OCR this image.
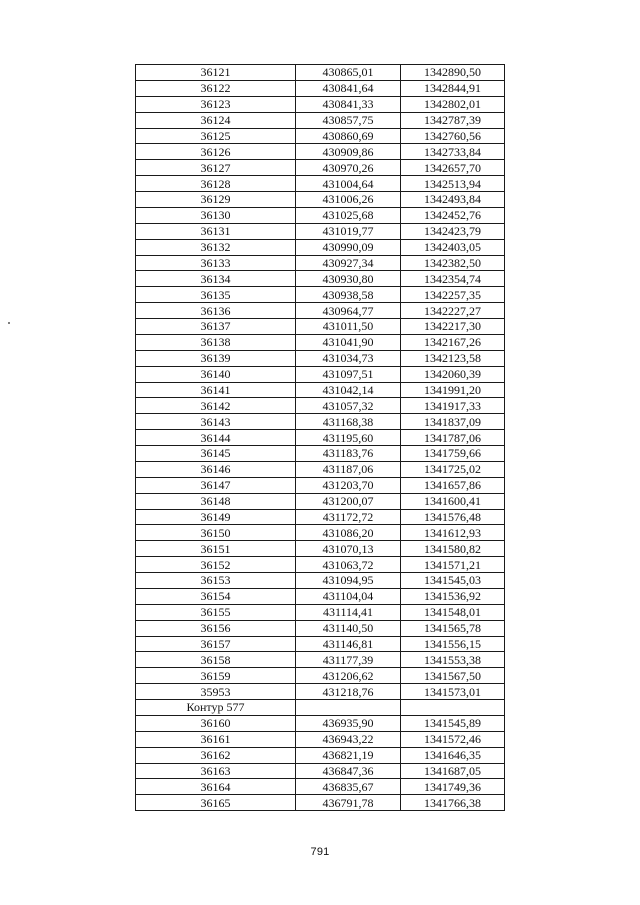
36121	430865,01	1342890,50
36122	430841,64	1342844,91
36123	430841,33	1342802,01
36124	430857,75	1342787,39
36125	430860,69	1342760,56
36126	430909,86	1342733,84
36127	430970,26	1342657,70
36128	431004,64	1342513,94
36129	431006,26	1342493,84
36130	431025,68	1342452,76
36131	431019,77	1342423,79
36132	430990,09	1342403,05
36133	430927,34	1342382,50
36134	430930,80	1342354,74
36135	430938,58	1342257,35
36136	430964,77	1342227,27
36137	431011,50	1342217,30
36138	431041,90	1342167,26
36139	431034,73	1342123,58
36140	431097,51	1342060,39
36141	431042,14	1341991,20
36142	431057,32	1341917,33
36143	431168,38	1341837,09
36144	431195,60	1341787,06
36145	431183,76	1341759,66
36146	431187,06	1341725,02
36147	431203,70	1341657,86
36148	431200,07	1341600,41
36149	431172,72	1341576,48
36150	431086,20	1341612,93
36151	431070,13	1341580,82
36152	431063,72	1341571,21
36153	431094,95	1341545,03
36154	431104,04	1341536,92
36155	431114,41	1341548,01
36156	431140,50	1341565,78
36157	431146,81	1341556,15
36158	431177,39	1341553,38
36159	431206,62	1341567,50
35953	431218,76	1341573,01
Контур 577		
36160	436935,90	1341545,89
36161	436943,22	1341572,46
36162	436821,19	1341646,35
36163	436847,36	1341687,05
36164	436835,67	1341749,36
36165	436791,78	1341766,38
791
